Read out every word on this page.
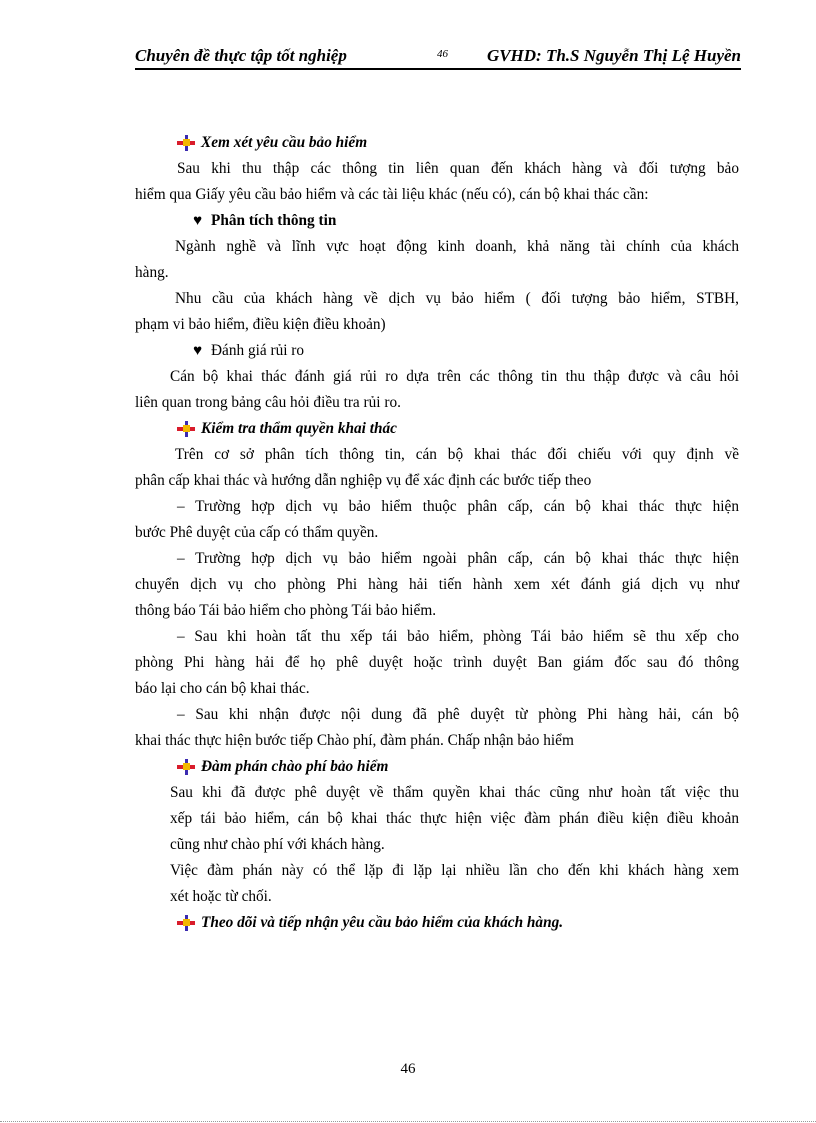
Chuyên đề thực tập tốt nghiệp	46 GVHD: Th.S Nguyễn Thị Lệ Huyền
Xem xét yêu cầu bảo hiểm
Sau khi thu thập các thông tin liên quan đến khách hàng và đối tượng bảo
hiểm qua Giấy yêu cầu bảo hiểm và các tài liệu khác (nếu có), cán bộ khai thác cần:
♥ Phân tích thông tin
Ngành nghề và lĩnh vực hoạt động kinh doanh, khả năng tài chính của khách
hàng.
Nhu cầu của khách hàng về dịch vụ bảo hiểm ( đối tượng bảo hiểm, STBH,
phạm vi bảo hiểm, điều kiện điều khoản)
♥ Đánh giá rủi ro
Cán bộ khai thác đánh giá rủi ro dựa trên các thông tin thu thập được và câu hỏi
liên quan trong bảng câu hỏi điều tra rủi ro.
Kiểm tra thẩm quyền khai thác
Trên cơ sở phân tích thông tin, cán bộ khai thác đối chiếu với quy định về
phân cấp khai thác và hướng dẫn nghiệp vụ để xác định các bước tiếp theo
– Trường hợp dịch vụ bảo hiểm thuộc phân cấp, cán bộ khai thác thực hiện
bước Phê duyệt của cấp có thẩm quyền.
– Trường hợp dịch vụ bảo hiểm ngoài phân cấp, cán bộ khai thác thực hiện
chuyển dịch vụ cho phòng Phi hàng hải tiến hành xem xét đánh giá dịch vụ như
thông báo Tái bảo hiểm cho phòng Tái bảo hiểm.
– Sau khi hoàn tất thu xếp tái bảo hiểm, phòng Tái bảo hiểm sẽ thu xếp cho
phòng Phi hàng hải để họ phê duyệt hoặc trình duyệt Ban giám đốc sau đó thông
báo lại cho cán bộ khai thác.
– Sau khi nhận được nội dung đã phê duyệt từ phòng Phi hàng hải, cán bộ
khai thác thực hiện bước tiếp Chào phí, đàm phán. Chấp nhận bảo hiểm
Đàm phán chào phí bảo hiểm
Sau khi đã được phê duyệt về thẩm quyền khai thác cũng như hoàn tất việc thu
xếp tái bảo hiểm, cán bộ khai thác thực hiện việc đàm phán điều kiện điều khoản
cũng như chào phí với khách hàng.
Việc đàm phán này có thể lặp đi lặp lại nhiều lần cho đến khi khách hàng xem
xét hoặc từ chối.
Theo dõi và tiếp nhận yêu cầu bảo hiểm của khách hàng.
46
